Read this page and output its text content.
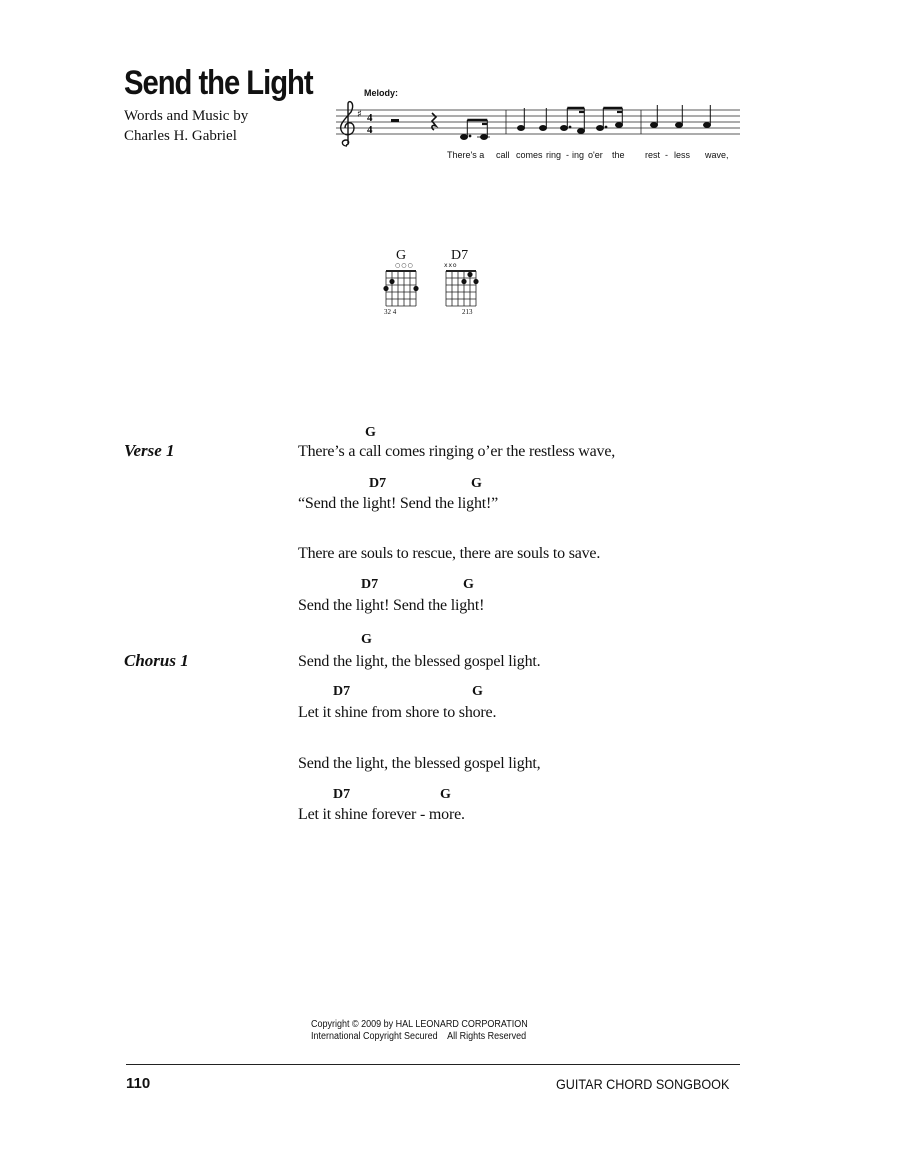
Send the Light
Words and Music by
Charles H. Gabriel
Melody:
♯ 4
4
There's a call comes ring - ing o'er the rest - less wave,
G
○○○
32 4
D7
xxo
213
Verse 1
Chorus 1
G
There’s a call comes ringing o’er the restless wave,
D7	G
“Send the light! Send the light!”
There are souls to rescue, there are souls to save.
D7	G
Send the light! Send the light!
G
Send the light, the blessed gospel light.
D7	G
Let it shine from shore to shore.
Send the light, the blessed gospel light,
D7	G
Let it shine forever - more.
Copyright © 2009 by HAL LEONARD CORPORATION
International Copyright Secured    All Rights Reserved
110	GUITAR CHORD SONGBOOK
